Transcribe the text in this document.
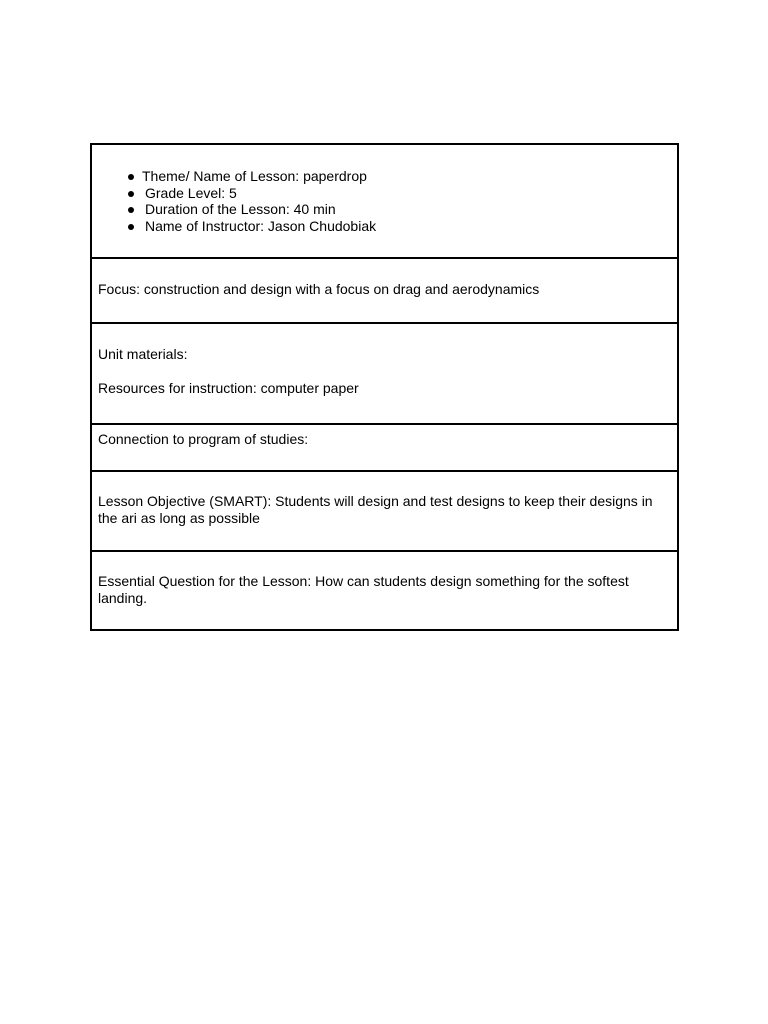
Theme/ Name of Lesson: paperdrop
Grade Level: 5
Duration of the Lesson: 40 min
Name of Instructor: Jason Chudobiak

Focus: construction and design with a focus on drag and aerodynamics

Unit materials:

Resources for instruction: computer paper

Connection to program of studies:

Lesson Objective (SMART): Students will design and test designs to keep their designs in the ari as long as possible

Essential Question for the Lesson: How can students design something for the softest landing.
